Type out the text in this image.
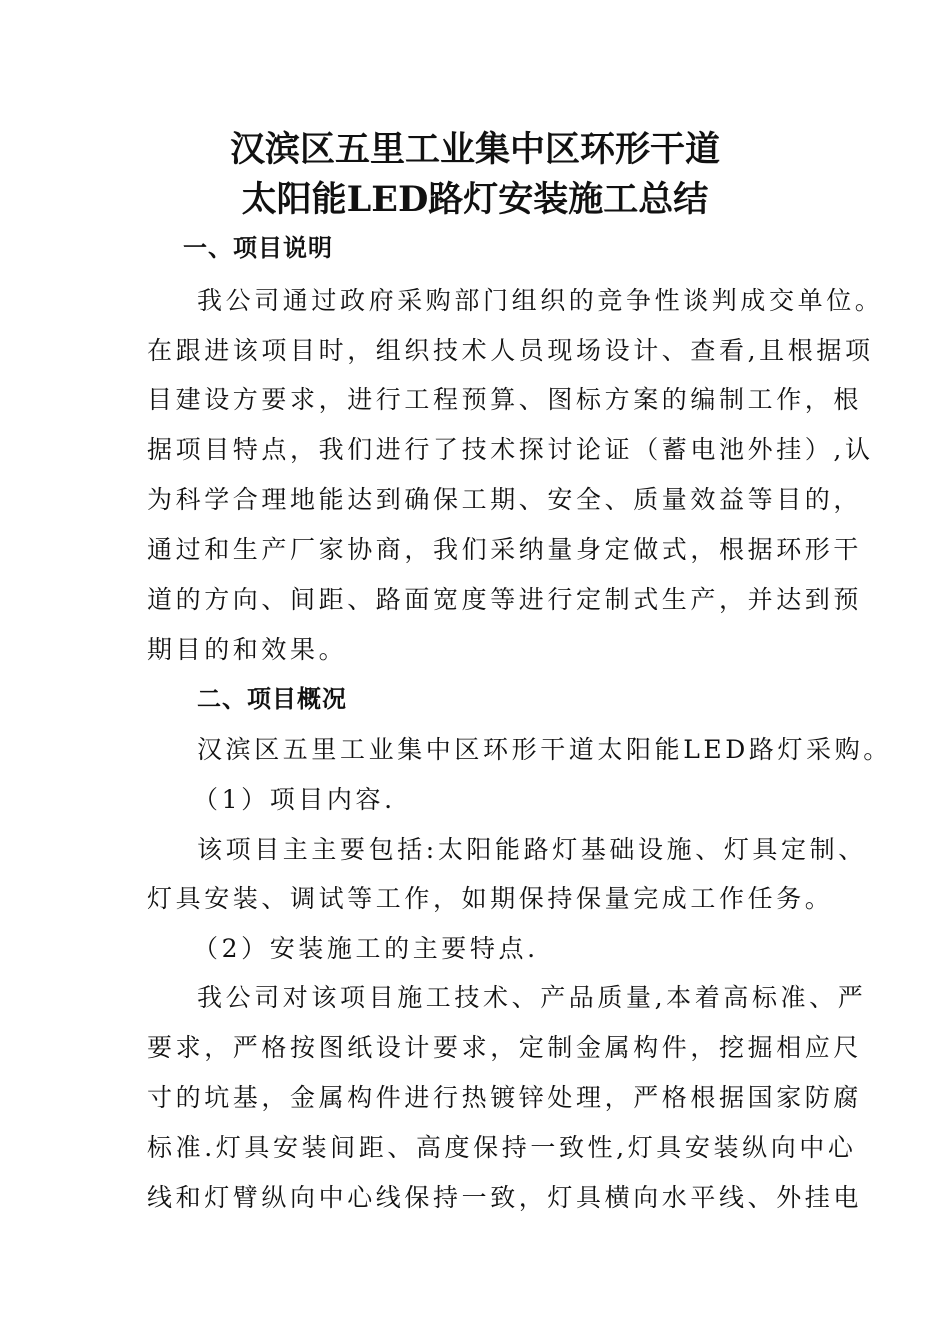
汉滨区五里工业集中区环形干道
太阳能LED路灯安装施工总结
一、项目说明
我公司通过政府采购部门组织的竞争性谈判成交单位。
在跟进该项目时，组织技术人员现场设计、查看,且根据项
目建设方要求，进行工程预算、图标方案的编制工作，根
据项目特点，我们进行了技术探讨论证（蓄电池外挂）,认
为科学合理地能达到确保工期、安全、质量效益等目的，
通过和生产厂家协商，我们采纳量身定做式，根据环形干
道的方向、间距、路面宽度等进行定制式生产，并达到预
期目的和效果。
二、项目概况
汉滨区五里工业集中区环形干道太阳能LED路灯采购。
（1）项目内容.
该项目主主要包括:太阳能路灯基础设施、灯具定制、
灯具安装、调试等工作，如期保持保量完成工作任务。
（2）安装施工的主要特点.
我公司对该项目施工技术、产品质量,本着高标准、严
要求，严格按图纸设计要求，定制金属构件，挖掘相应尺
寸的坑基，金属构件进行热镀锌处理，严格根据国家防腐
标准.灯具安装间距、高度保持一致性,灯具安装纵向中心
线和灯臂纵向中心线保持一致，灯具横向水平线、外挂电
